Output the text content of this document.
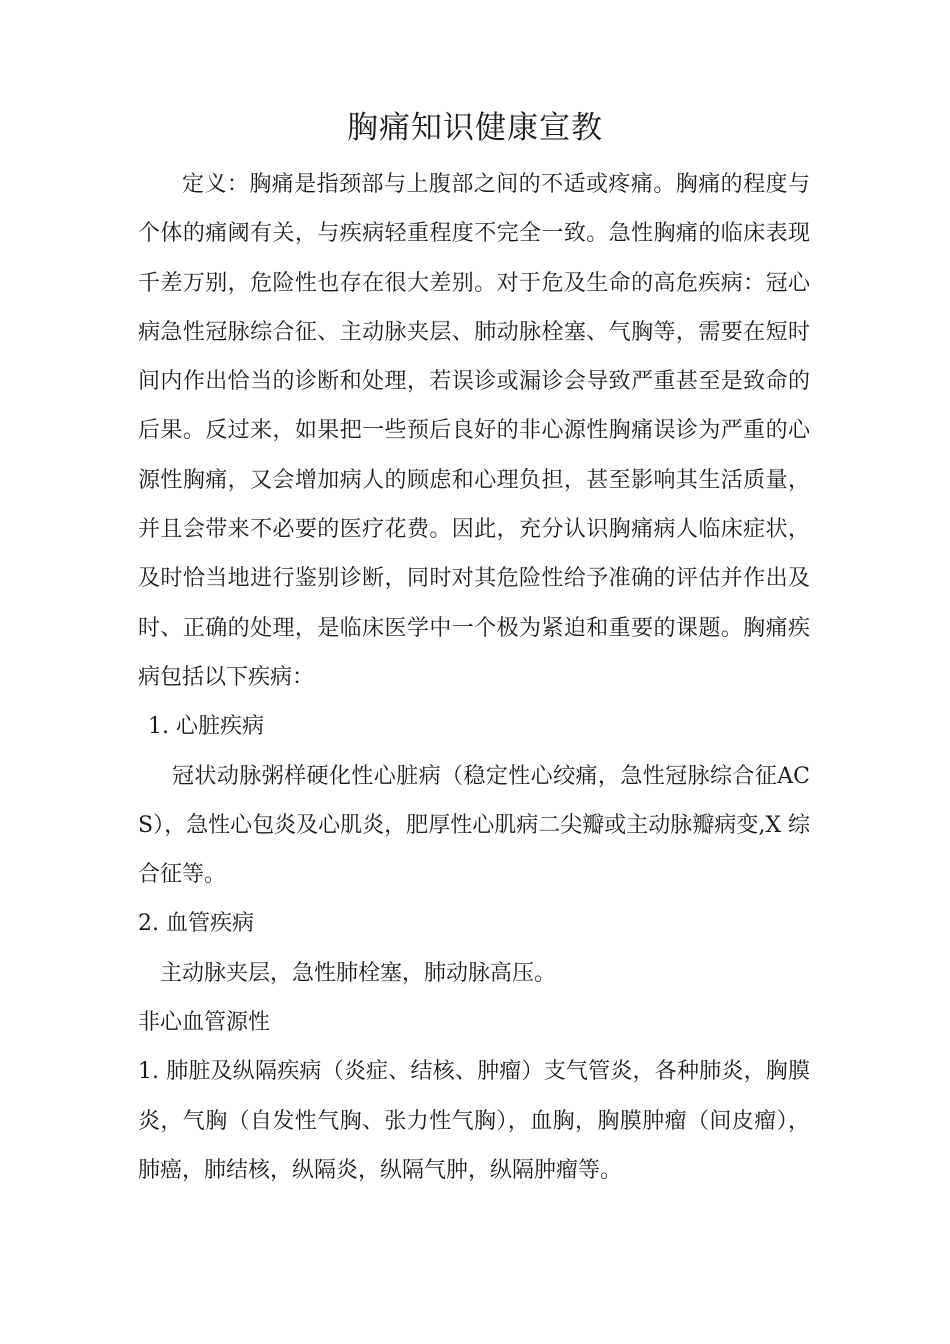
胸痛知识健康宣教

定义：胸痛是指颈部与上腹部之间的不适或疼痛。胸痛的程度与个体的痛阈有关，与疾病轻重程度不完全一致。急性胸痛的临床表现千差万别，危险性也存在很大差别。对于危及生命的高危疾病：冠心病急性冠脉综合征、主动脉夹层、肺动脉栓塞、气胸等，需要在短时间内作出恰当的诊断和处理，若误诊或漏诊会导致严重甚至是致命的后果。反过来，如果把一些预后良好的非心源性胸痛误诊为严重的心源性胸痛，又会增加病人的顾虑和心理负担，甚至影响其生活质量，并且会带来不必要的医疗花费。因此，充分认识胸痛病人临床症状，及时恰当地进行鉴别诊断，同时对其危险性给予准确的评估并作出及时、正确的处理，是临床医学中一个极为紧迫和重要的课题。胸痛疾病包括以下疾病：

1. 心脏疾病

冠状动脉粥样硬化性心脏病（稳定性心绞痛，急性冠脉综合征ACS），急性心包炎及心肌炎，肥厚性心肌病二尖瓣或主动脉瓣病变,X 综合征等。

2. 血管疾病

主动脉夹层，急性肺栓塞，肺动脉高压。

非心血管源性

1. 肺脏及纵隔疾病（炎症、结核、肿瘤）支气管炎，各种肺炎，胸膜炎，气胸（自发性气胸、张力性气胸），血胸，胸膜肿瘤（间皮瘤），肺癌，肺结核，纵隔炎，纵隔气肿，纵隔肿瘤等。
